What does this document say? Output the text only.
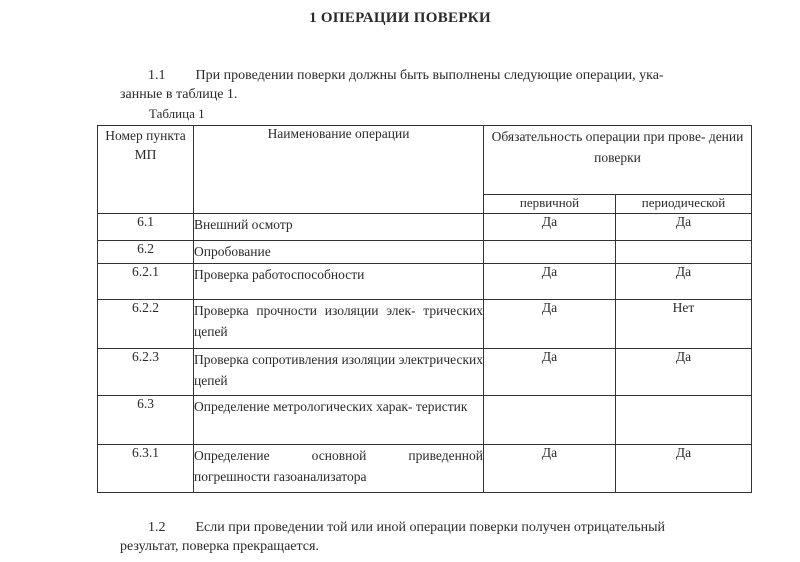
1 ОПЕРАЦИИ ПОВЕРКИ
1.1 При проведении поверки должны быть выполнены следующие операции, ука-
занные в таблице 1.
Таблица 1
Номер пункта МП	Наименование операции	Обязательность операции при прове- дении поверки	
		первичной	периодической
6.1	Внешний осмотр	Да	Да
6.2	Опробование		
6.2.1	Проверка работоспособности	Да	Да
6.2.2	Проверка прочности изоляции элек- трических цепей	Да	Нет
6.2.3	Проверка сопротивления изоляции электрических цепей	Да	Да
6.3	Определение метрологических харак- теристик		
6.3.1	Определение основной приведенной погрешности газоанализатора	Да	Да
1.2 Если при проведении той или иной операции поверки получен отрицательный
результат, поверка прекращается.
